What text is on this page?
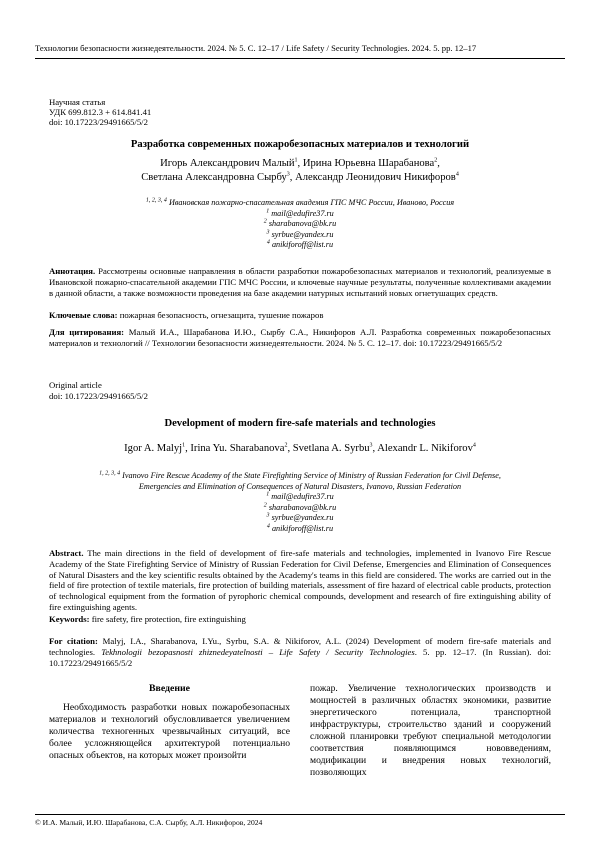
Технологии безопасности жизнедеятельности. 2024. № 5. С. 12–17 / Life Safety / Security Technologies. 2024. 5. pp. 12–17
Научная статья
УДК 699.812.3 + 614.841.41
doi: 10.17223/29491665/5/2
Разработка современных пожаробезопасных материалов и технологий
Игорь Александрович Малый$^1$, Ирина Юрьевна Шарабанова$^2$,
Светлана Александровна Сырбу$^3$, Александр Леонидович Никифоров$^4$
$^{1, 2, 3, 4}$ Ивановская пожарно-спасательная академия ГПС МЧС России, Иваново, Россия
$^1$ mail@edufire37.ru
$^2$ sharabanova@bk.ru
$^3$ syrbue@yandex.ru
$^4$ anikiforoff@list.ru
Аннотация. Рассмотрены основные направления в области разработки пожаробезопасных материалов и технологий, реализуемые в Ивановской пожарно-спасательной академии ГПС МЧС России, и ключевые научные результаты, полученные коллективами академии в данной области, а также возможности проведения на базе академии натурных испытаний новых огнетушащих средств.
Ключевые слова: пожарная безопасность, огнезащита, тушение пожаров
Для цитирования: Малый И.А., Шарабанова И.Ю., Сырбу С.А., Никифоров А.Л. Разработка современных пожаробезопасных материалов и технологий // Технологии безопасности жизнедеятельности. 2024. № 5. С. 12–17. doi: 10.17223/29491665/5/2
Original article
doi: 10.17223/29491665/5/2
Development of modern fire-safe materials and technologies
Igor A. Malyj$^1$, Irina Yu. Sharabanova$^2$, Svetlana A. Syrbu$^3$, Alexandr L. Nikiforov$^4$
$^{1, 2, 3, 4}$ Ivanovo Fire Rescue Academy of the State Firefighting Service of Ministry of Russian Federation for Civil Defense,
Emergencies and Elimination of Consequences of Natural Disasters, Ivanovo, Russian Federation
$^1$ mail@edufire37.ru
$^2$ sharabanova@bk.ru
$^3$ syrbue@yandex.ru
$^4$ anikiforoff@list.ru
Abstract. The main directions in the field of development of fire-safe materials and technologies, implemented in Ivanovo Fire Rescue Academy of the State Firefighting Service of Ministry of Russian Federation for Civil Defense, Emergencies and Elimination of Consequences of Natural Disasters and the key scientific results obtained by the Academy's teams in this field are considered. The works are carried out in the field of fire protection of textile materials, fire protection of building materials, assessment of fire hazard of electrical cable products, protection of technological equipment from the formation of pyrophoric chemical compounds, development and research of fire extinguishing ability of fire extinguishing agents.
Keywords: fire safety, fire protection, fire extinguishing
For citation: Malyj, I.A., Sharabanova, I.Yu., Syrbu, S.A. & Nikiforov, A.L. (2024) Development of modern fire-safe materials and technologies. Tekhnologii bezopasnosti zhiznedeyatelnosti – Life Safety / Security Technologies. 5. pp. 12–17. (In Russian). doi: 10.17223/29491665/5/2
Введение
Необходимость разработки новых пожаробезопасных материалов и технологий обусловливается увеличением количества техногенных чрезвычайных ситуаций, все более усложняющейся архитектурой потенциально опасных объектов, на которых может произойти
пожар. Увеличение технологических производств и мощностей в различных областях экономики, развитие энергетического потенциала, транспортной инфраструктуры, строительство зданий и сооружений сложной планировки требуют специальной методологии соответствия появляющимся нововведениям, модификации и внедрения новых технологий, позволяющих
© И.А. Малый, И.Ю. Шарабанова, С.А. Сырбу, А.Л. Никифоров, 2024
